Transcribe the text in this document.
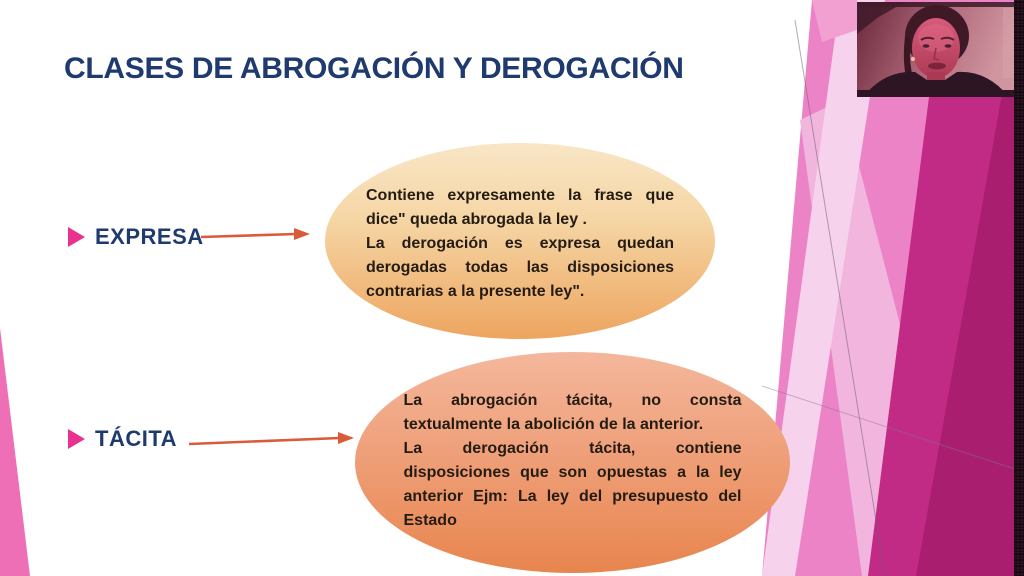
CLASES DE ABROGACIÓN Y DEROGACIÓN
EXPRESA
TÁCITA

Contiene expresamente la frase que dice" queda abrogada la ley .

La derogación es expresa quedan derogadas todas las disposiciones contrarias a la presente ley".

La abrogación tácita, no consta textualmente la abolición de la anterior.

La derogación tácita, contiene disposiciones que son opuestas a la ley anterior Ejm: La ley del presupuesto del Estado
